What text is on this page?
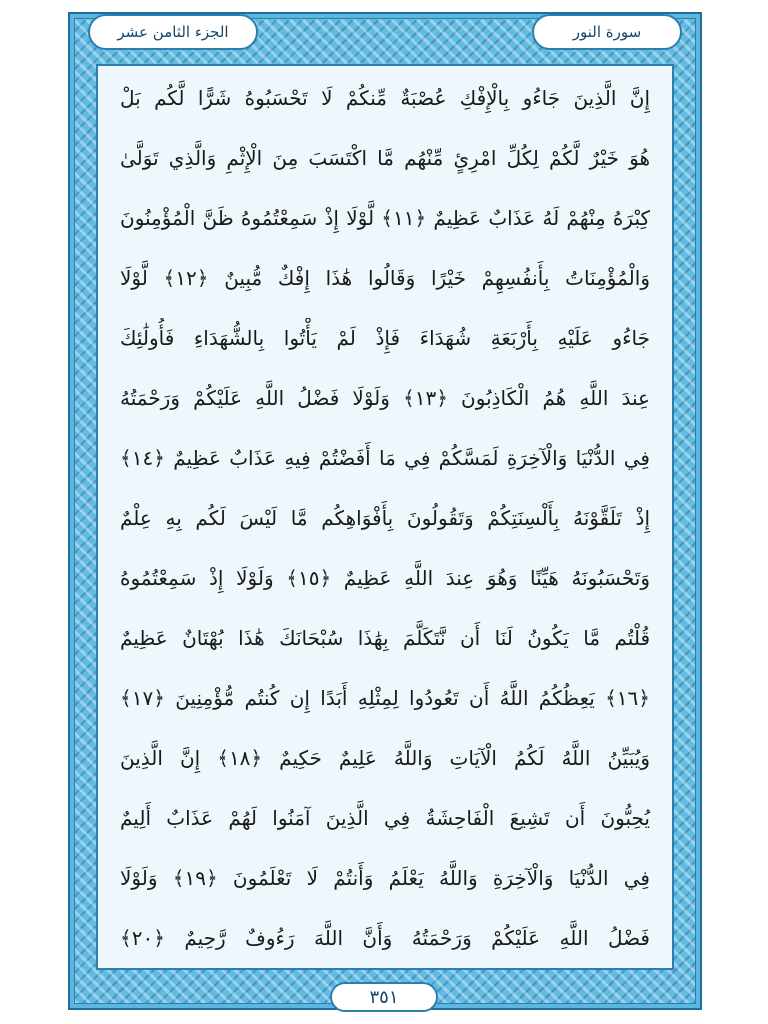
سورة النور
الجزء الثامن عشر
إِنَّ الَّذِينَ جَاءُو بِالْإِفْكِ عُصْبَةٌ مِّنكُمْ لَا تَحْسَبُوهُ شَرًّا لَّكُم بَلْ
هُوَ خَيْرٌ لَّكُمْ لِكُلِّ امْرِئٍ مِّنْهُم مَّا اكْتَسَبَ مِنَ الْإِثْمِ وَالَّذِي تَوَلَّىٰ
كِبْرَهُ مِنْهُمْ لَهُ عَذَابٌ عَظِيمٌ ﴿١١﴾ لَّوْلَا إِذْ سَمِعْتُمُوهُ ظَنَّ الْمُؤْمِنُونَ
وَالْمُؤْمِنَاتُ بِأَنفُسِهِمْ خَيْرًا وَقَالُوا هَٰذَا إِفْكٌ مُّبِينٌ ﴿١٢﴾ لَّوْلَا
جَاءُو عَلَيْهِ بِأَرْبَعَةِ شُهَدَاءَ فَإِذْ لَمْ يَأْتُوا بِالشُّهَدَاءِ فَأُولَٰئِكَ
عِندَ اللَّهِ هُمُ الْكَاذِبُونَ ﴿١٣﴾ وَلَوْلَا فَضْلُ اللَّهِ عَلَيْكُمْ وَرَحْمَتُهُ
فِي الدُّنْيَا وَالْآخِرَةِ لَمَسَّكُمْ فِي مَا أَفَضْتُمْ فِيهِ عَذَابٌ عَظِيمٌ ﴿١٤﴾
إِذْ تَلَقَّوْنَهُ بِأَلْسِنَتِكُمْ وَتَقُولُونَ بِأَفْوَاهِكُم مَّا لَيْسَ لَكُم بِهِ عِلْمٌ
وَتَحْسَبُونَهُ هَيِّنًا وَهُوَ عِندَ اللَّهِ عَظِيمٌ ﴿١٥﴾ وَلَوْلَا إِذْ سَمِعْتُمُوهُ
قُلْتُم مَّا يَكُونُ لَنَا أَن نَّتَكَلَّمَ بِهَٰذَا سُبْحَانَكَ هَٰذَا بُهْتَانٌ عَظِيمٌ
﴿١٦﴾ يَعِظُكُمُ اللَّهُ أَن تَعُودُوا لِمِثْلِهِ أَبَدًا إِن كُنتُم مُّؤْمِنِينَ ﴿١٧﴾
وَيُبَيِّنُ اللَّهُ لَكُمُ الْآيَاتِ وَاللَّهُ عَلِيمٌ حَكِيمٌ ﴿١٨﴾ إِنَّ الَّذِينَ
يُحِبُّونَ أَن تَشِيعَ الْفَاحِشَةُ فِي الَّذِينَ آمَنُوا لَهُمْ عَذَابٌ أَلِيمٌ
فِي الدُّنْيَا وَالْآخِرَةِ وَاللَّهُ يَعْلَمُ وَأَنتُمْ لَا تَعْلَمُونَ ﴿١٩﴾ وَلَوْلَا
فَضْلُ اللَّهِ عَلَيْكُمْ وَرَحْمَتُهُ وَأَنَّ اللَّهَ رَءُوفٌ رَّحِيمٌ ﴿٢٠﴾
٣٥١
